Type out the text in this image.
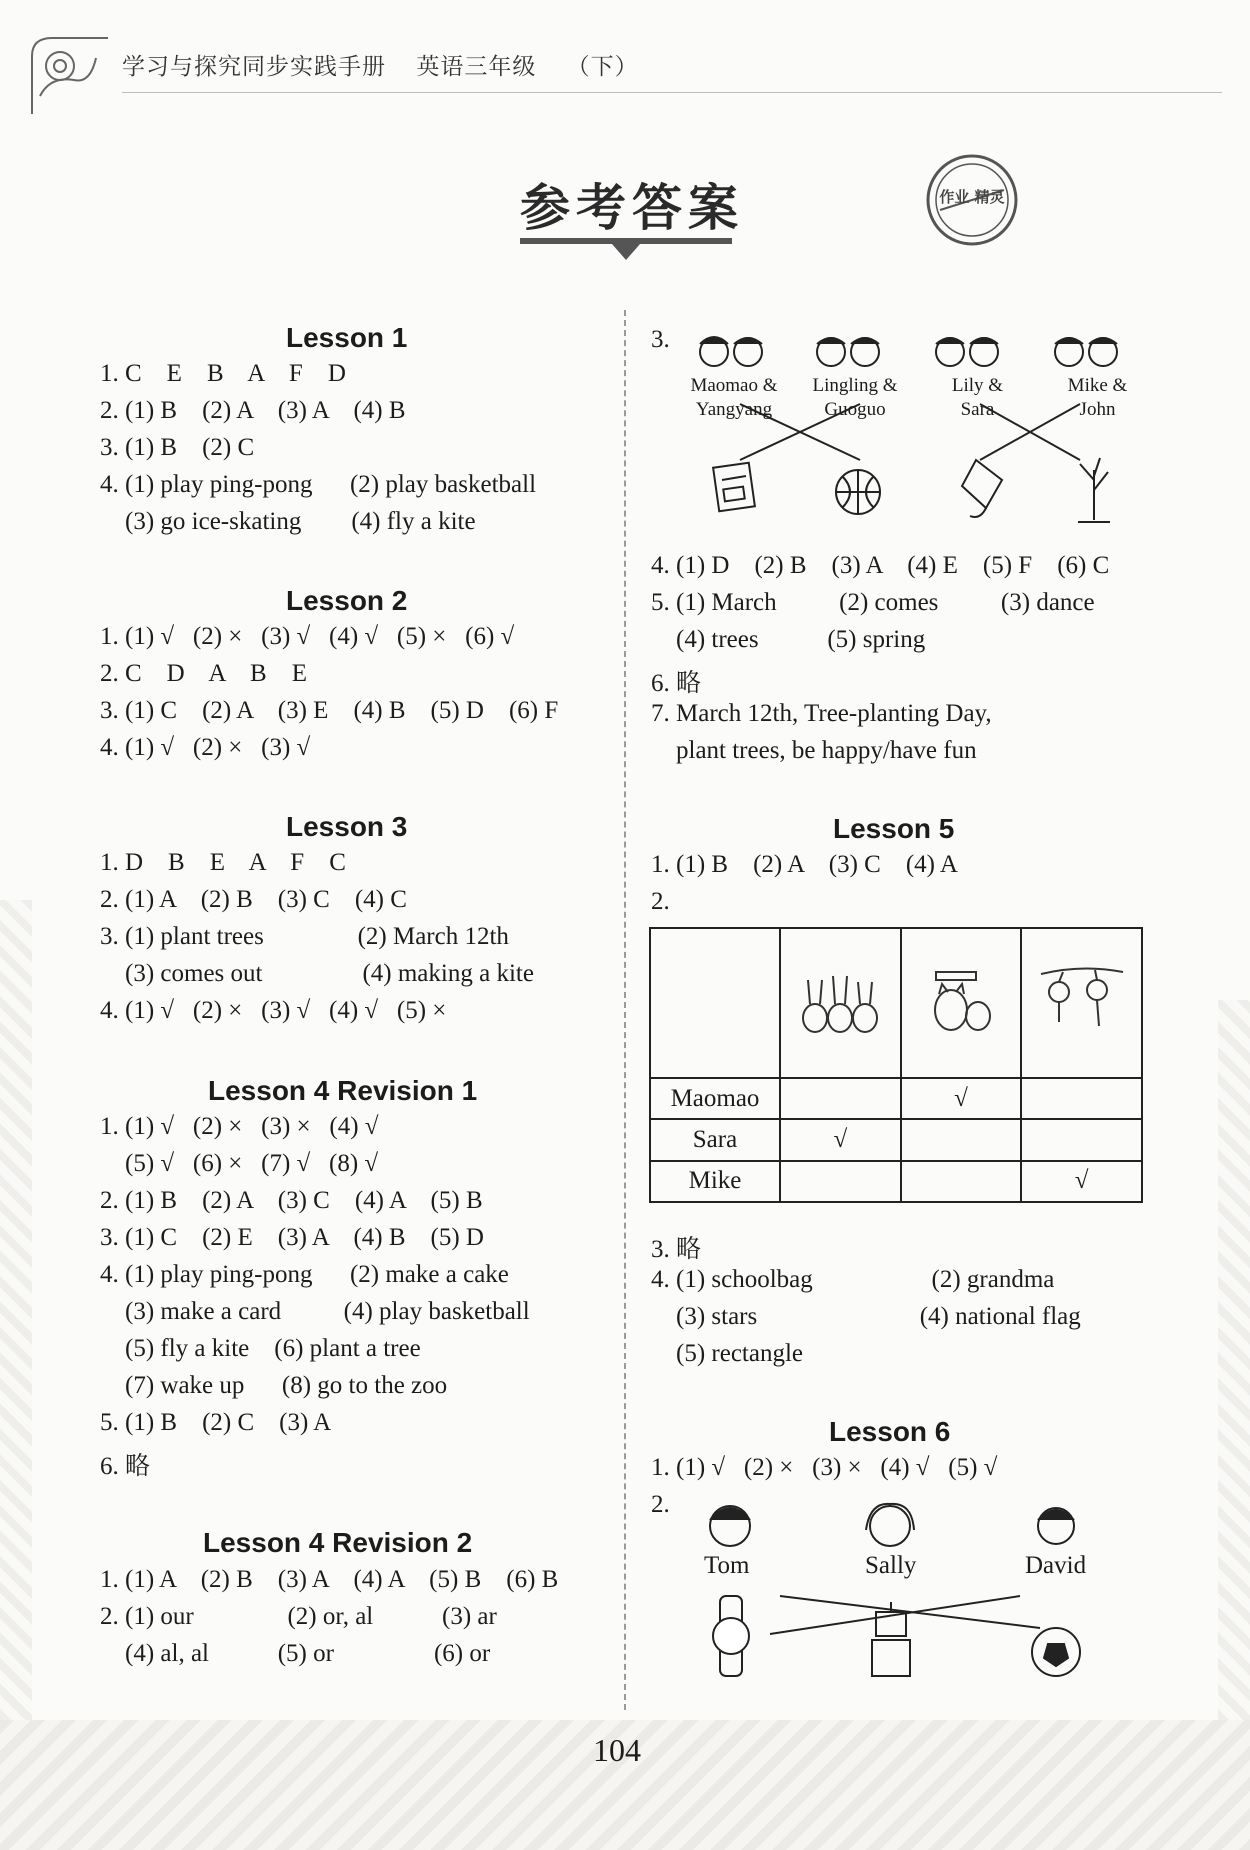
学习与探究同步实践手册 英语三年级 （下）
参考答案	作业 精灵
Lesson 1
1. C    E    B    A    F    D
2. (1) B    (2) A    (3) A    (4) B
3. (1) B    (2) C
4. (1) play ping-pong      (2) play basketball
(3) go ice-skating        (4) fly a kite
Lesson 2
1. (1) √   (2) ×   (3) √   (4) √   (5) ×   (6) √
2. C    D    A    B    E
3. (1) C    (2) A    (3) E    (4) B    (5) D    (6) F
4. (1) √   (2) ×   (3) √
Lesson 3
1. D    B    E    A    F    C
2. (1) A    (2) B    (3) C    (4) C
3. (1) plant trees               (2) March 12th
(3) comes out                (4) making a kite
4. (1) √   (2) ×   (3) √   (4) √   (5) ×
Lesson 4 Revision 1
1. (1) √   (2) ×   (3) ×   (4) √
(5) √   (6) ×   (7) √   (8) √
2. (1) B    (2) A    (3) C    (4) A    (5) B
3. (1) C    (2) E    (3) A    (4) B    (5) D
4. (1) play ping-pong      (2) make a cake
(3) make a card          (4) play basketball
(5) fly a kite    (6) plant a tree
(7) wake up      (8) go to the zoo
5. (1) B    (2) C    (3) A
6. 略
Lesson 4 Revision 2
1. (1) A    (2) B    (3) A    (4) A    (5) B    (6) B
2. (1) our               (2) or, al           (3) ar
(4) al, al           (5) or                (6) or
3.
Maomao & Yangyang
Lingling & Guoguo
Lily & Sara
Mike & John
4. (1) D    (2) B    (3) A    (4) E    (5) F    (6) C
5. (1) March          (2) comes          (3) dance
(4) trees           (5) spring
6. 略
7. March 12th, Tree-planting Day,
plant trees, be happy/have fun
Lesson 5
1. (1) B    (2) A    (3) C    (4) A
2.

Maomao		√	
Sara	√		
Mike			√
3. 略
4. (1) schoolbag                   (2) grandma
(3) stars                          (4) national flag
(5) rectangle
Lesson 6
1. (1) √   (2) ×   (3) ×   (4) √   (5) √
2.
Tom	Sally	David
104
